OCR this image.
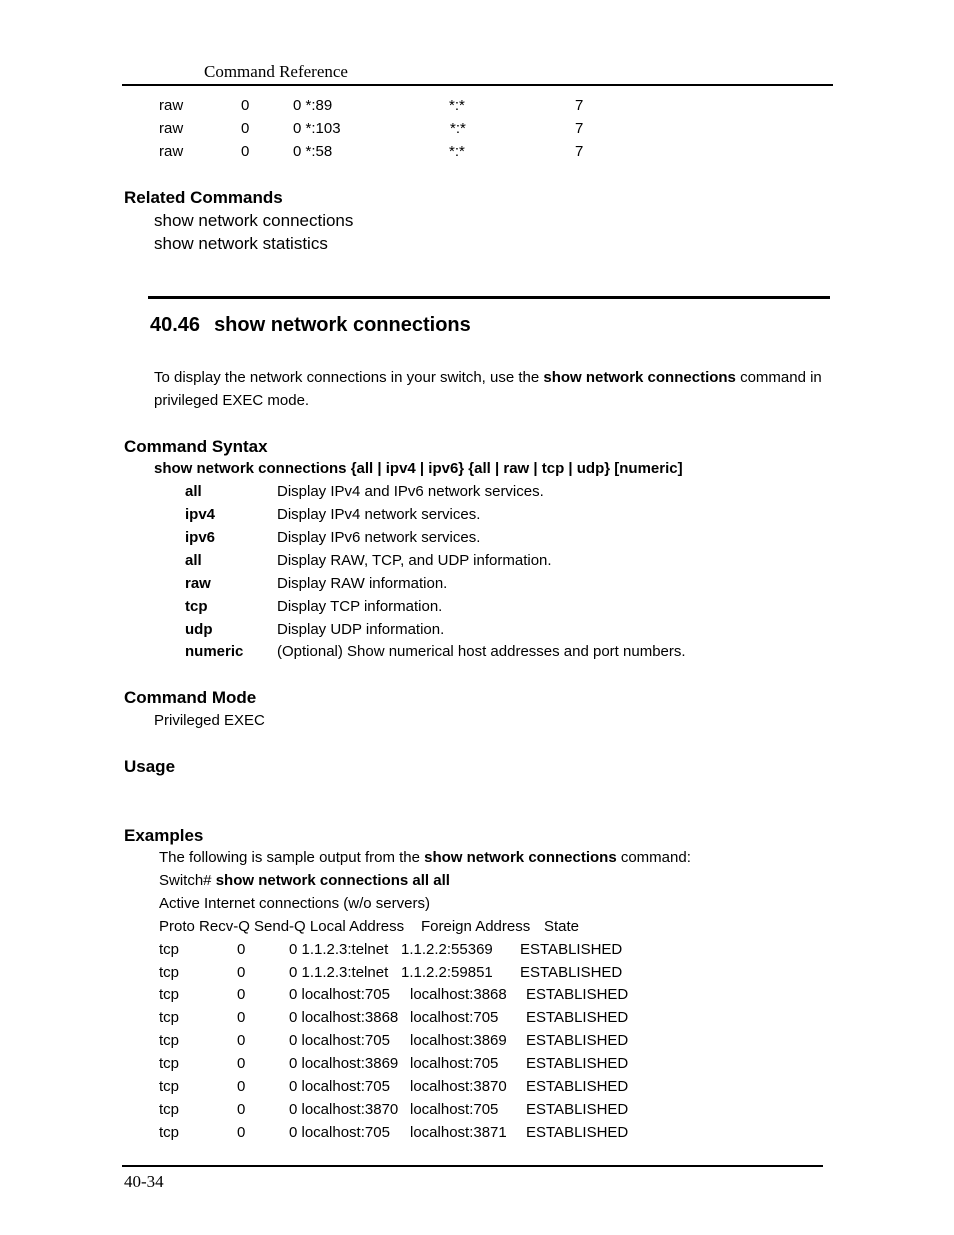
Command Reference
raw	0	0 *:89	*:*	7
raw	0	0 *:103	*:*	7
raw	0	0 *:58	*:*	7
Related Commands
show network connections
show network statistics
40.46 show network connections
To display the network connections in your switch, use the show network connections command in
privileged EXEC mode.
Command Syntax
show network connections {all | ipv4 | ipv6} {all | raw | tcp | udp} [numeric]
all	Display IPv4 and IPv6 network services.
ipv4	Display IPv4 network services.
ipv6	Display IPv6 network services.
all	Display RAW, TCP, and UDP information.
raw	Display RAW information.
tcp	Display TCP information.
udp	Display UDP information.
numeric (Optional) Show numerical host addresses and port numbers.
Command Mode
Privileged EXEC
Usage
Examples
The following is sample output from the show network connections command:
Switch# show network connections all all
Active Internet connections (w/o servers)
Proto Recv-Q Send-Q Local Address Foreign Address State
tcp	0	0 1.1.2.3:telnet 1.1.2.2:55369 ESTABLISHED
tcp	0	0 1.1.2.3:telnet 1.1.2.2:59851 ESTABLISHED
tcp	0	0 localhost:705 localhost:3868 ESTABLISHED
tcp	0	0 localhost:3868 localhost:705 ESTABLISHED
tcp	0	0 localhost:705 localhost:3869 ESTABLISHED
tcp	0	0 localhost:3869 localhost:705 ESTABLISHED
tcp	0	0 localhost:705 localhost:3870 ESTABLISHED
tcp	0	0 localhost:3870 localhost:705 ESTABLISHED
tcp	0	0 localhost:705 localhost:3871 ESTABLISHED
40-34
